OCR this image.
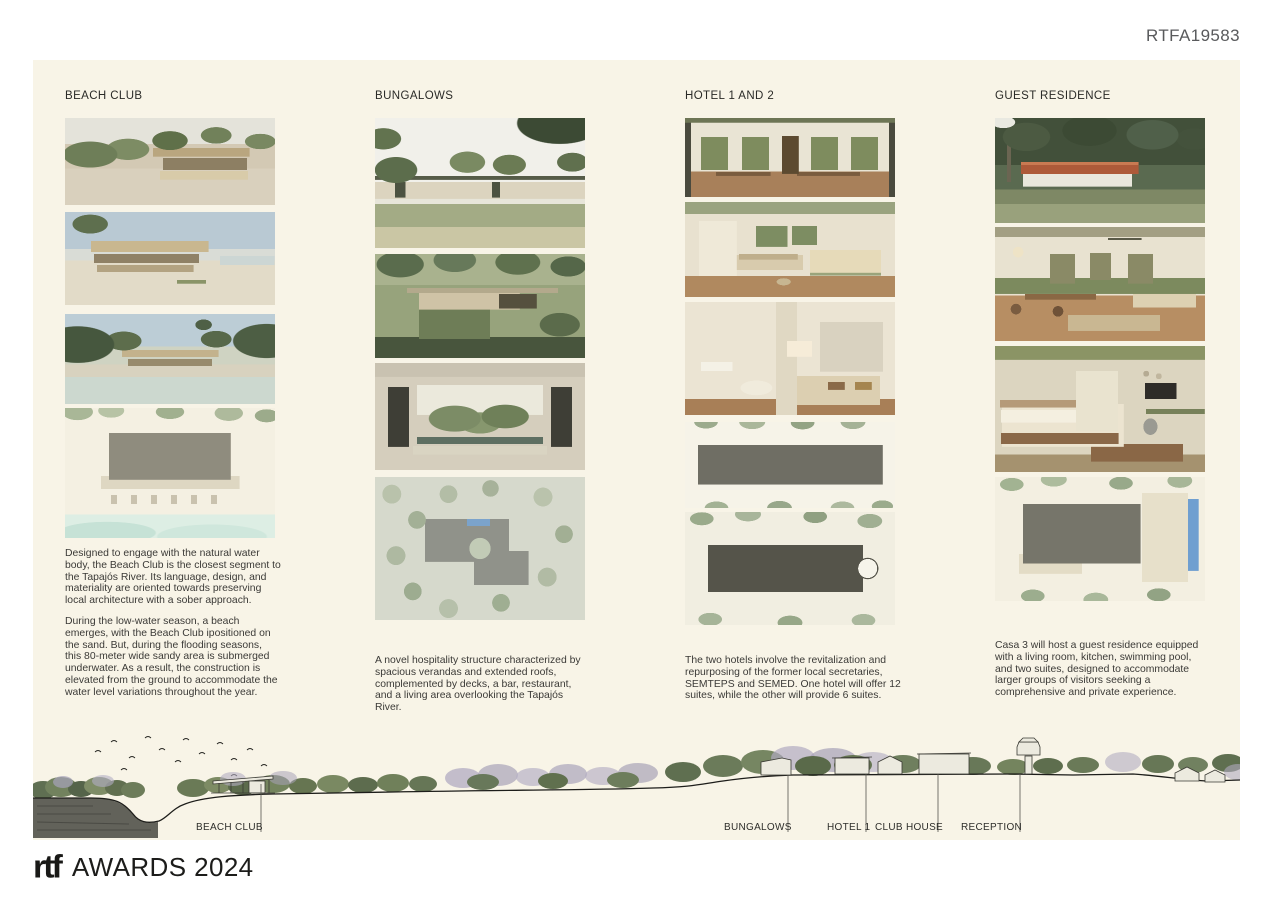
RTFA19583
BEACH CLUB

Designed to engage with the natural water body, the Beach Club is the closest segment to the Tapajós River. Its language, design, and materiality are oriented towards preserving local architecture with a sober approach.

During the low-water season, a beach emerges, with the Beach Club ipositioned on the sand. But, during the flooding seasons, this 80-meter wide sandy area is submerged underwater. As a result, the construction is elevated from the ground to accommodate the water level variations throughout the year.

BUNGALOWS

A novel hospitality structure characterized by spacious verandas and extended roofs, complemented by decks, a bar, restaurant, and a living area overlooking the Tapajós River.

HOTEL 1 AND 2

The two hotels involve the revitalization and repurposing of the former local secretaries, SEMTEPS and SEMED. One hotel will offer 12 suites, while the other will provide 6 suites.

GUEST RESIDENCE

Casa 3 will host a guest residence equipped with a living room, kitchen, swimming pool, and two suites, designed to accommodate larger groups of visitors seeking a comprehensive and private experience.

BEACH CLUB	BUNGALOWS	HOTEL 1 CLUB HOUSE RECEPTION
rtf AWARDS 2024
